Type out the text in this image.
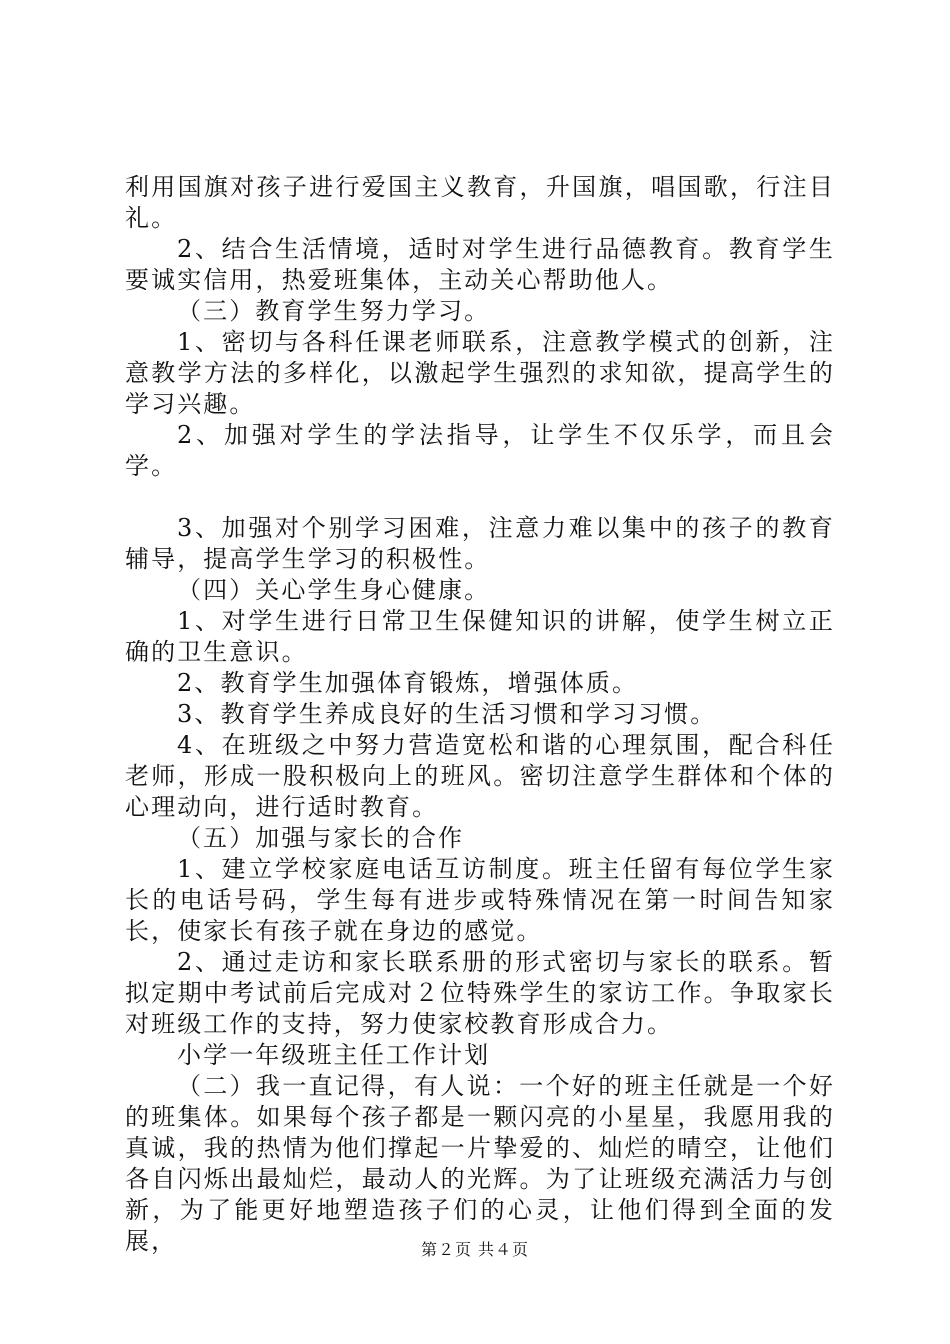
利用国旗对孩子进行爱国主义教育，升国旗，唱国歌，行注目礼。

2、结合生活情境，适时对学生进行品德教育。教育学生要诚实信用，热爱班集体，主动关心帮助他人。

（三）教育学生努力学习。

1、密切与各科任课老师联系，注意教学模式的创新，注意教学方法的多样化，以激起学生强烈的求知欲，提高学生的学习兴趣。

2、加强对学生的学法指导，让学生不仅乐学，而且会学。

3、加强对个别学习困难，注意力难以集中的孩子的教育辅导，提高学生学习的积极性。

（四）关心学生身心健康。

1、对学生进行日常卫生保健知识的讲解，使学生树立正确的卫生意识。

2、教育学生加强体育锻炼，增强体质。

3、教育学生养成良好的生活习惯和学习习惯。

4、在班级之中努力营造宽松和谐的心理氛围，配合科任老师，形成一股积极向上的班风。密切注意学生群体和个体的心理动向，进行适时教育。

（五）加强与家长的合作

1、建立学校家庭电话互访制度。班主任留有每位学生家长的电话号码，学生每有进步或特殊情况在第一时间告知家长，使家长有孩子就在身边的感觉。

2、通过走访和家长联系册的形式密切与家长的联系。暂拟定期中考试前后完成对２位特殊学生的家访工作。争取家长对班级工作的支持，努力使家校教育形成合力。

小学一年级班主任工作计划

（二）我一直记得，有人说：一个好的班主任就是一个好的班集体。如果每个孩子都是一颗闪亮的小星星，我愿用我的真诚，我的热情为他们撑起一片挚爱的、灿烂的晴空，让他们各自闪烁出最灿烂，最动人的光辉。为了让班级充满活力与创新，为了能更好地塑造孩子们的心灵，让他们得到全面的发展，	第２页 共４页
